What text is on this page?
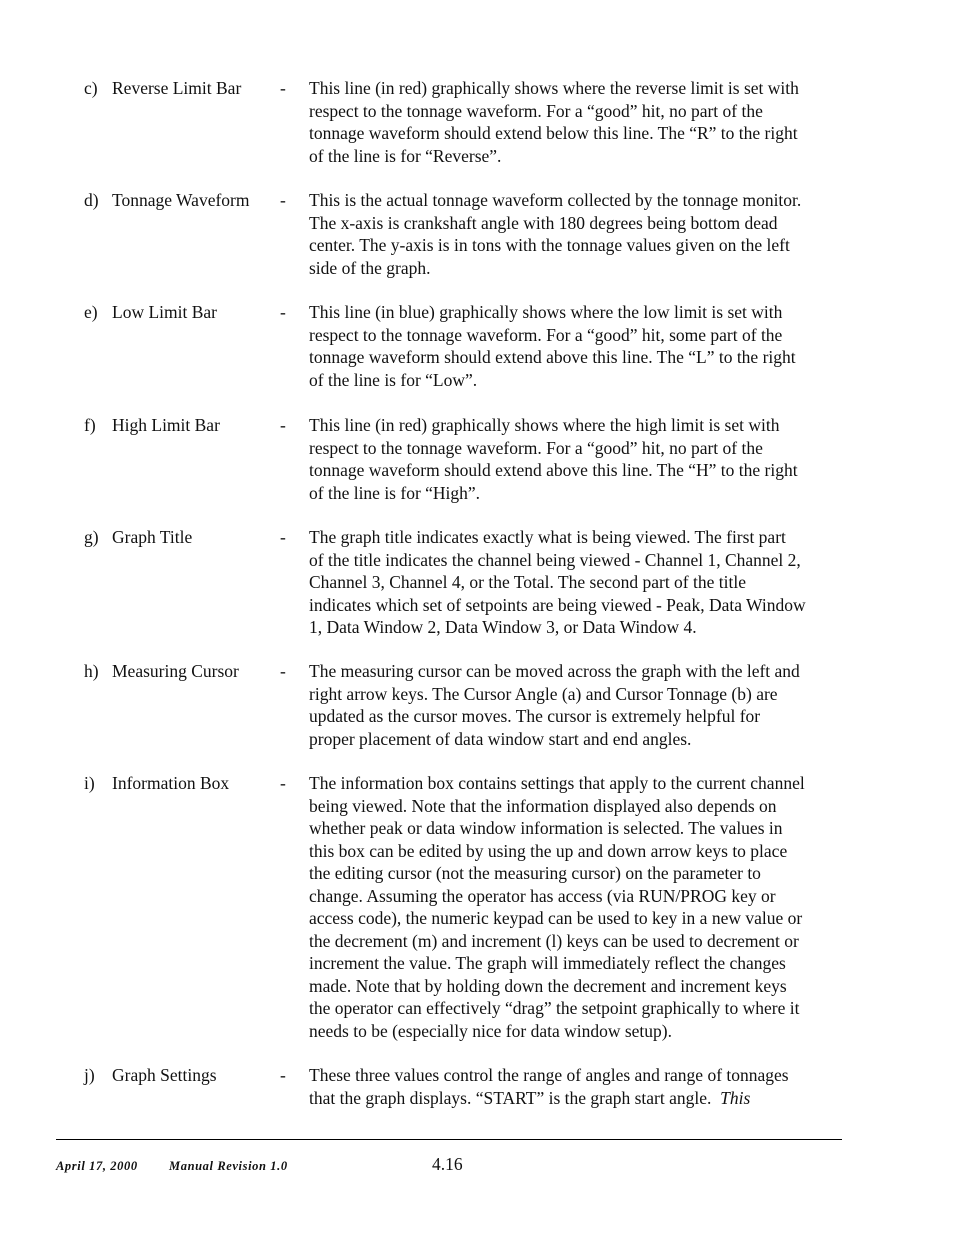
c) Reverse Limit Bar - This line (in red) graphically shows where the reverse limit is set with
respect to the tonnage waveform. For a “good” hit, no part of the
tonnage waveform should extend below this line. The “R” to the right
of the line is for “Reverse”.

d) Tonnage Waveform - This is the actual tonnage waveform collected by the tonnage monitor.
The x-axis is crankshaft angle with 180 degrees being bottom dead
center. The y-axis is in tons with the tonnage values given on the left
side of the graph.

e) Low Limit Bar	- This line (in blue) graphically shows where the low limit is set with
respect to the tonnage waveform. For a “good” hit, some part of the
tonnage waveform should extend above this line. The “L” to the right
of the line is for “Low”.

f) High Limit Bar	- This line (in red) graphically shows where the high limit is set with
respect to the tonnage waveform. For a “good” hit, no part of the
tonnage waveform should extend above this line. The “H” to the right
of the line is for “High”.

g) Graph Title	- The graph title indicates exactly what is being viewed. The first part
of the title indicates the channel being viewed - Channel 1, Channel 2,
Channel 3, Channel 4, or the Total. The second part of the title
indicates which set of setpoints are being viewed - Peak, Data Window
1, Data Window 2, Data Window 3, or Data Window 4.

h) Measuring Cursor - The measuring cursor can be moved across the graph with the left and
right arrow keys. The Cursor Angle (a) and Cursor Tonnage (b) are
updated as the cursor moves. The cursor is extremely helpful for
proper placement of data window start and end angles.

i) Information Box	- The information box contains settings that apply to the current channel
being viewed. Note that the information displayed also depends on
whether peak or data window information is selected. The values in
this box can be edited by using the up and down arrow keys to place
the editing cursor (not the measuring cursor) on the parameter to
change. Assuming the operator has access (via RUN/PROG key or
access code), the numeric keypad can be used to key in a new value or
the decrement (m) and increment (l) keys can be used to decrement or
increment the value. The graph will immediately reflect the changes
made. Note that by holding down the decrement and increment keys
the operator can effectively “drag” the setpoint graphically to where it
needs to be (especially nice for data window setup).

j) Graph Settings	- These three values control the range of angles and range of tonnages
that the graph displays. “START” is the graph start angle. This

April 17, 2000	Manual Revision 1.0	4.16
